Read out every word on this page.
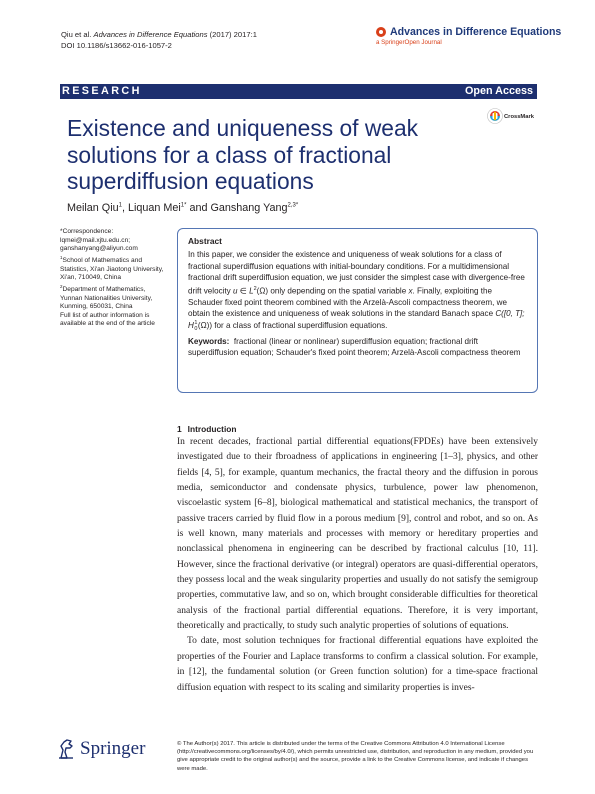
Qiu et al. Advances in Difference Equations (2017) 2017:1
DOI 10.1186/s13662-016-1057-2
Advances in Difference Equations
a SpringerOpen Journal
RESEARCH	Open Access
CrossMark
Existence and uniqueness of weak solutions for a class of fractional superdiffusion equations
Meilan Qiu$^1$, Liquan Mei$^{1*}$ and Ganshang Yang$^{2,3*}$
*Correspondence:
lqmei@mail.xjtu.edu.cn;
ganshanyang@aliyun.com
$^1$School of Mathematics and Statistics, Xi'an Jiaotong University, Xi'an, 710049, China
$^2$Department of Mathematics, Yunnan Nationalities University, Kunming, 650031, China
Full list of author information is available at the end of the article
Abstract
In this paper, we consider the existence and uniqueness of weak solutions for a class of fractional superdiffusion equations with initial-boundary conditions. For a multidimensional fractional drift superdiffusion equation, we just consider the simplest case with divergence-free drift velocity u ∈ $L^2(\Omega)$ only depending on the spatial variable x. Finally, exploiting the Schauder fixed point theorem combined with the Arzelà-Ascoli compactness theorem, we obtain the existence and uniqueness of weak solutions in the standard Banach space C([0, T]; H 1
0 (Ω)) for a class of fractional superdiffusion equations.
Keywords: fractional (linear or nonlinear) superdiffusion equation; fractional drift superdiffusion equation; Schauder's fixed point theorem; Arzelà-Ascoli compactness theorem
1 Introduction

In recent decades, fractional partial differential equations(FPDEs) have been extensively investigated due to their fbroadness of applications in engineering [1–3], physics, and other fields [4, 5], for example, quantum mechanics, the fractal theory and the diffusion in porous media, semiconductor and condensate physics, turbulence, power law phenomenon, viscoelastic system [6–8], biological mathematical and statistical mechanics, the transport of passive tracers carried by fluid flow in a porous medium [9], control and robot, and so on. As is well known, many materials and processes with memory or hereditary properties and nonclassical phenomena in engineering can be described by fractional calculus [10, 11]. However, since the fractional derivative (or integral) operators are quasi-differential operators, they possess local and the weak singularity properties and usually do not satisfy the semigroup properties, commutative law, and so on, which brought considerable difficulties for theoretical analysis of the fractional partial differential equations. Therefore, it is very important, theoretically and practically, to study such analytic properties of solutions of equations.

To date, most solution techniques for fractional differential equations have exploited the properties of the Fourier and Laplace transforms to confirm a classical solution. For example, in [12], the fundamental solution (or Green function solution) for a time-space fractional diffusion equation with respect to its scaling and similarity properties is inves-

Springer	© The Author(s) 2017. This article is distributed under the terms of the Creative Commons Attribution 4.0 International License (http://creativecommons.org/licenses/by/4.0/), which permits unrestricted use, distribution, and reproduction in any medium, provided you give appropriate credit to the original author(s) and the source, provide a link to the Creative Commons license, and indicate if changes were made.
